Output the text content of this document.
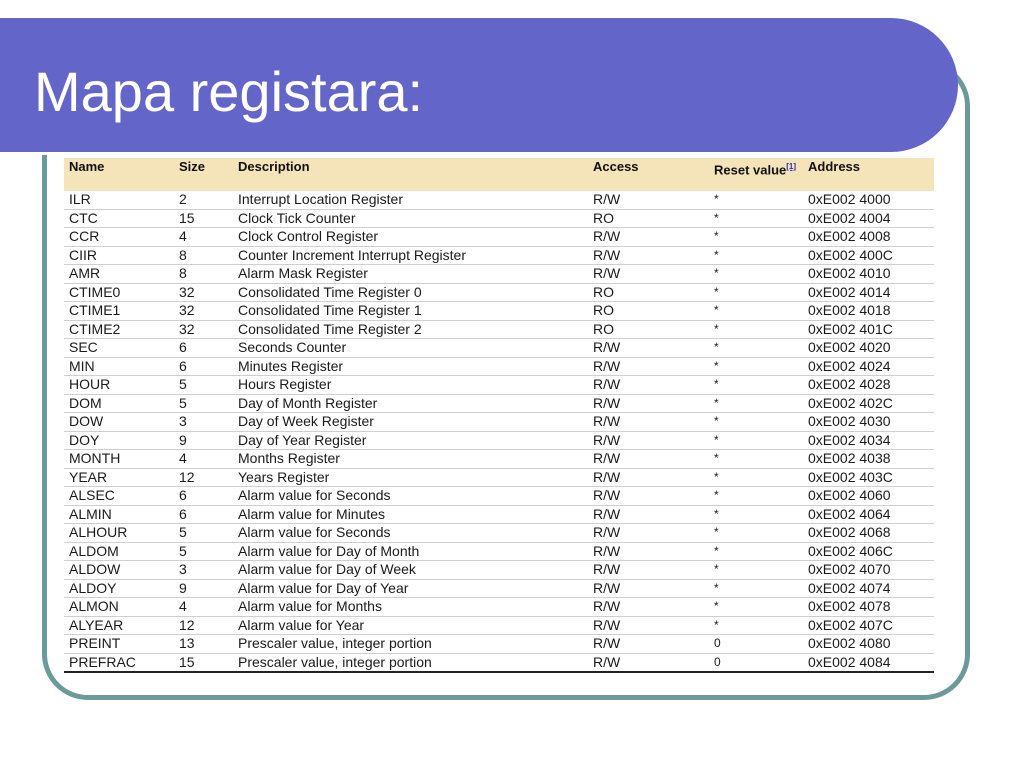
Mapa registara:
Name	Size	Description	Access	Reset value[1]	Address
ILR	2	Interrupt Location Register	R/W	*	0xE002 4000
CTC	15	Clock Tick Counter	RO	*	0xE002 4004
CCR	4	Clock Control Register	R/W	*	0xE002 4008
CIIR	8	Counter Increment Interrupt Register	R/W	*	0xE002 400C
AMR	8	Alarm Mask Register	R/W	*	0xE002 4010
CTIME0	32	Consolidated Time Register 0	RO	*	0xE002 4014
CTIME1	32	Consolidated Time Register 1	RO	*	0xE002 4018
CTIME2	32	Consolidated Time Register 2	RO	*	0xE002 401C
SEC	6	Seconds Counter	R/W	*	0xE002 4020
MIN	6	Minutes Register	R/W	*	0xE002 4024
HOUR	5	Hours Register	R/W	*	0xE002 4028
DOM	5	Day of Month Register	R/W	*	0xE002 402C
DOW	3	Day of Week Register	R/W	*	0xE002 4030
DOY	9	Day of Year Register	R/W	*	0xE002 4034
MONTH	4	Months Register	R/W	*	0xE002 4038
YEAR	12	Years Register	R/W	*	0xE002 403C
ALSEC	6	Alarm value for Seconds	R/W	*	0xE002 4060
ALMIN	6	Alarm value for Minutes	R/W	*	0xE002 4064
ALHOUR	5	Alarm value for Seconds	R/W	*	0xE002 4068
ALDOM	5	Alarm value for Day of Month	R/W	*	0xE002 406C
ALDOW	3	Alarm value for Day of Week	R/W	*	0xE002 4070
ALDOY	9	Alarm value for Day of Year	R/W	*	0xE002 4074
ALMON	4	Alarm value for Months	R/W	*	0xE002 4078
ALYEAR	12	Alarm value for Year	R/W	*	0xE002 407C
PREINT	13	Prescaler value, integer portion	R/W	0	0xE002 4080
PREFRAC	15	Prescaler value, integer portion	R/W	0	0xE002 4084
